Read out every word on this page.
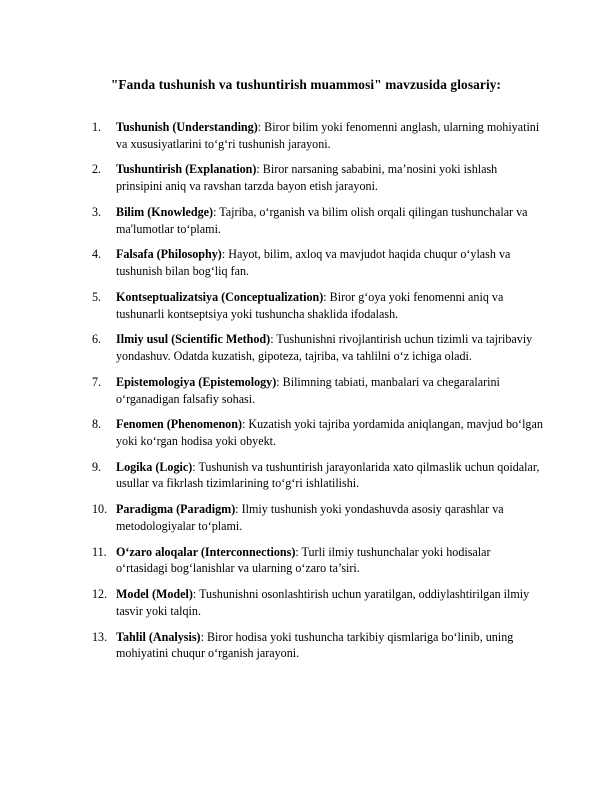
"Fanda tushunish va tushuntirish muammosi" mavzusida glosariy:
1. Tushunish (Understanding): Biror bilim yoki fenomenni anglash, ularning mohiyatini va xususiyatlarini to‘g‘ri tushunish jarayoni.
2. Tushuntirish (Explanation): Biror narsaning sababini, ma’nosini yoki ishlash prinsipini aniq va ravshan tarzda bayon etish jarayoni.
3. Bilim (Knowledge): Tajriba, o‘rganish va bilim olish orqali qilingan tushunchalar va ma'lumotlar to‘plami.
4. Falsafa (Philosophy): Hayot, bilim, axloq va mavjudot haqida chuqur o‘ylash va tushunish bilan bog‘liq fan.
5. Kontseptualizatsiya (Conceptualization): Biror g‘oya yoki fenomenni aniq va tushunarli kontseptsiya yoki tushuncha shaklida ifodalash.
6. Ilmiy usul (Scientific Method): Tushunishni rivojlantirish uchun tizimli va tajribaviy yondashuv. Odatda kuzatish, gipoteza, tajriba, va tahlilni o‘z ichiga oladi.
7. Epistemologiya (Epistemology): Bilimning tabiati, manbalari va chegaralarini o‘rganadigan falsafiy sohasi.
8. Fenomen (Phenomenon): Kuzatish yoki tajriba yordamida aniqlangan, mavjud bo‘lgan yoki ko‘rgan hodisa yoki obyekt.
9. Logika (Logic): Tushunish va tushuntirish jarayonlarida xato qilmaslik uchun qoidalar, usullar va fikrlash tizimlarining to‘g‘ri ishlatilishi.
10. Paradigma (Paradigm): Ilmiy tushunish yoki yondashuvda asosiy qarashlar va metodologiyalar to‘plami.
11. O‘zaro aloqalar (Interconnections): Turli ilmiy tushunchalar yoki hodisalar o‘rtasidagi bog‘lanishlar va ularning o‘zaro ta’siri.
12. Model (Model): Tushunishni osonlashtirish uchun yaratilgan, oddiylashtirilgan ilmiy tasvir yoki talqin.
13. Tahlil (Analysis): Biror hodisa yoki tushuncha tarkibiy qismlariga bo‘linib, uning mohiyatini chuqur o‘rganish jarayoni.
